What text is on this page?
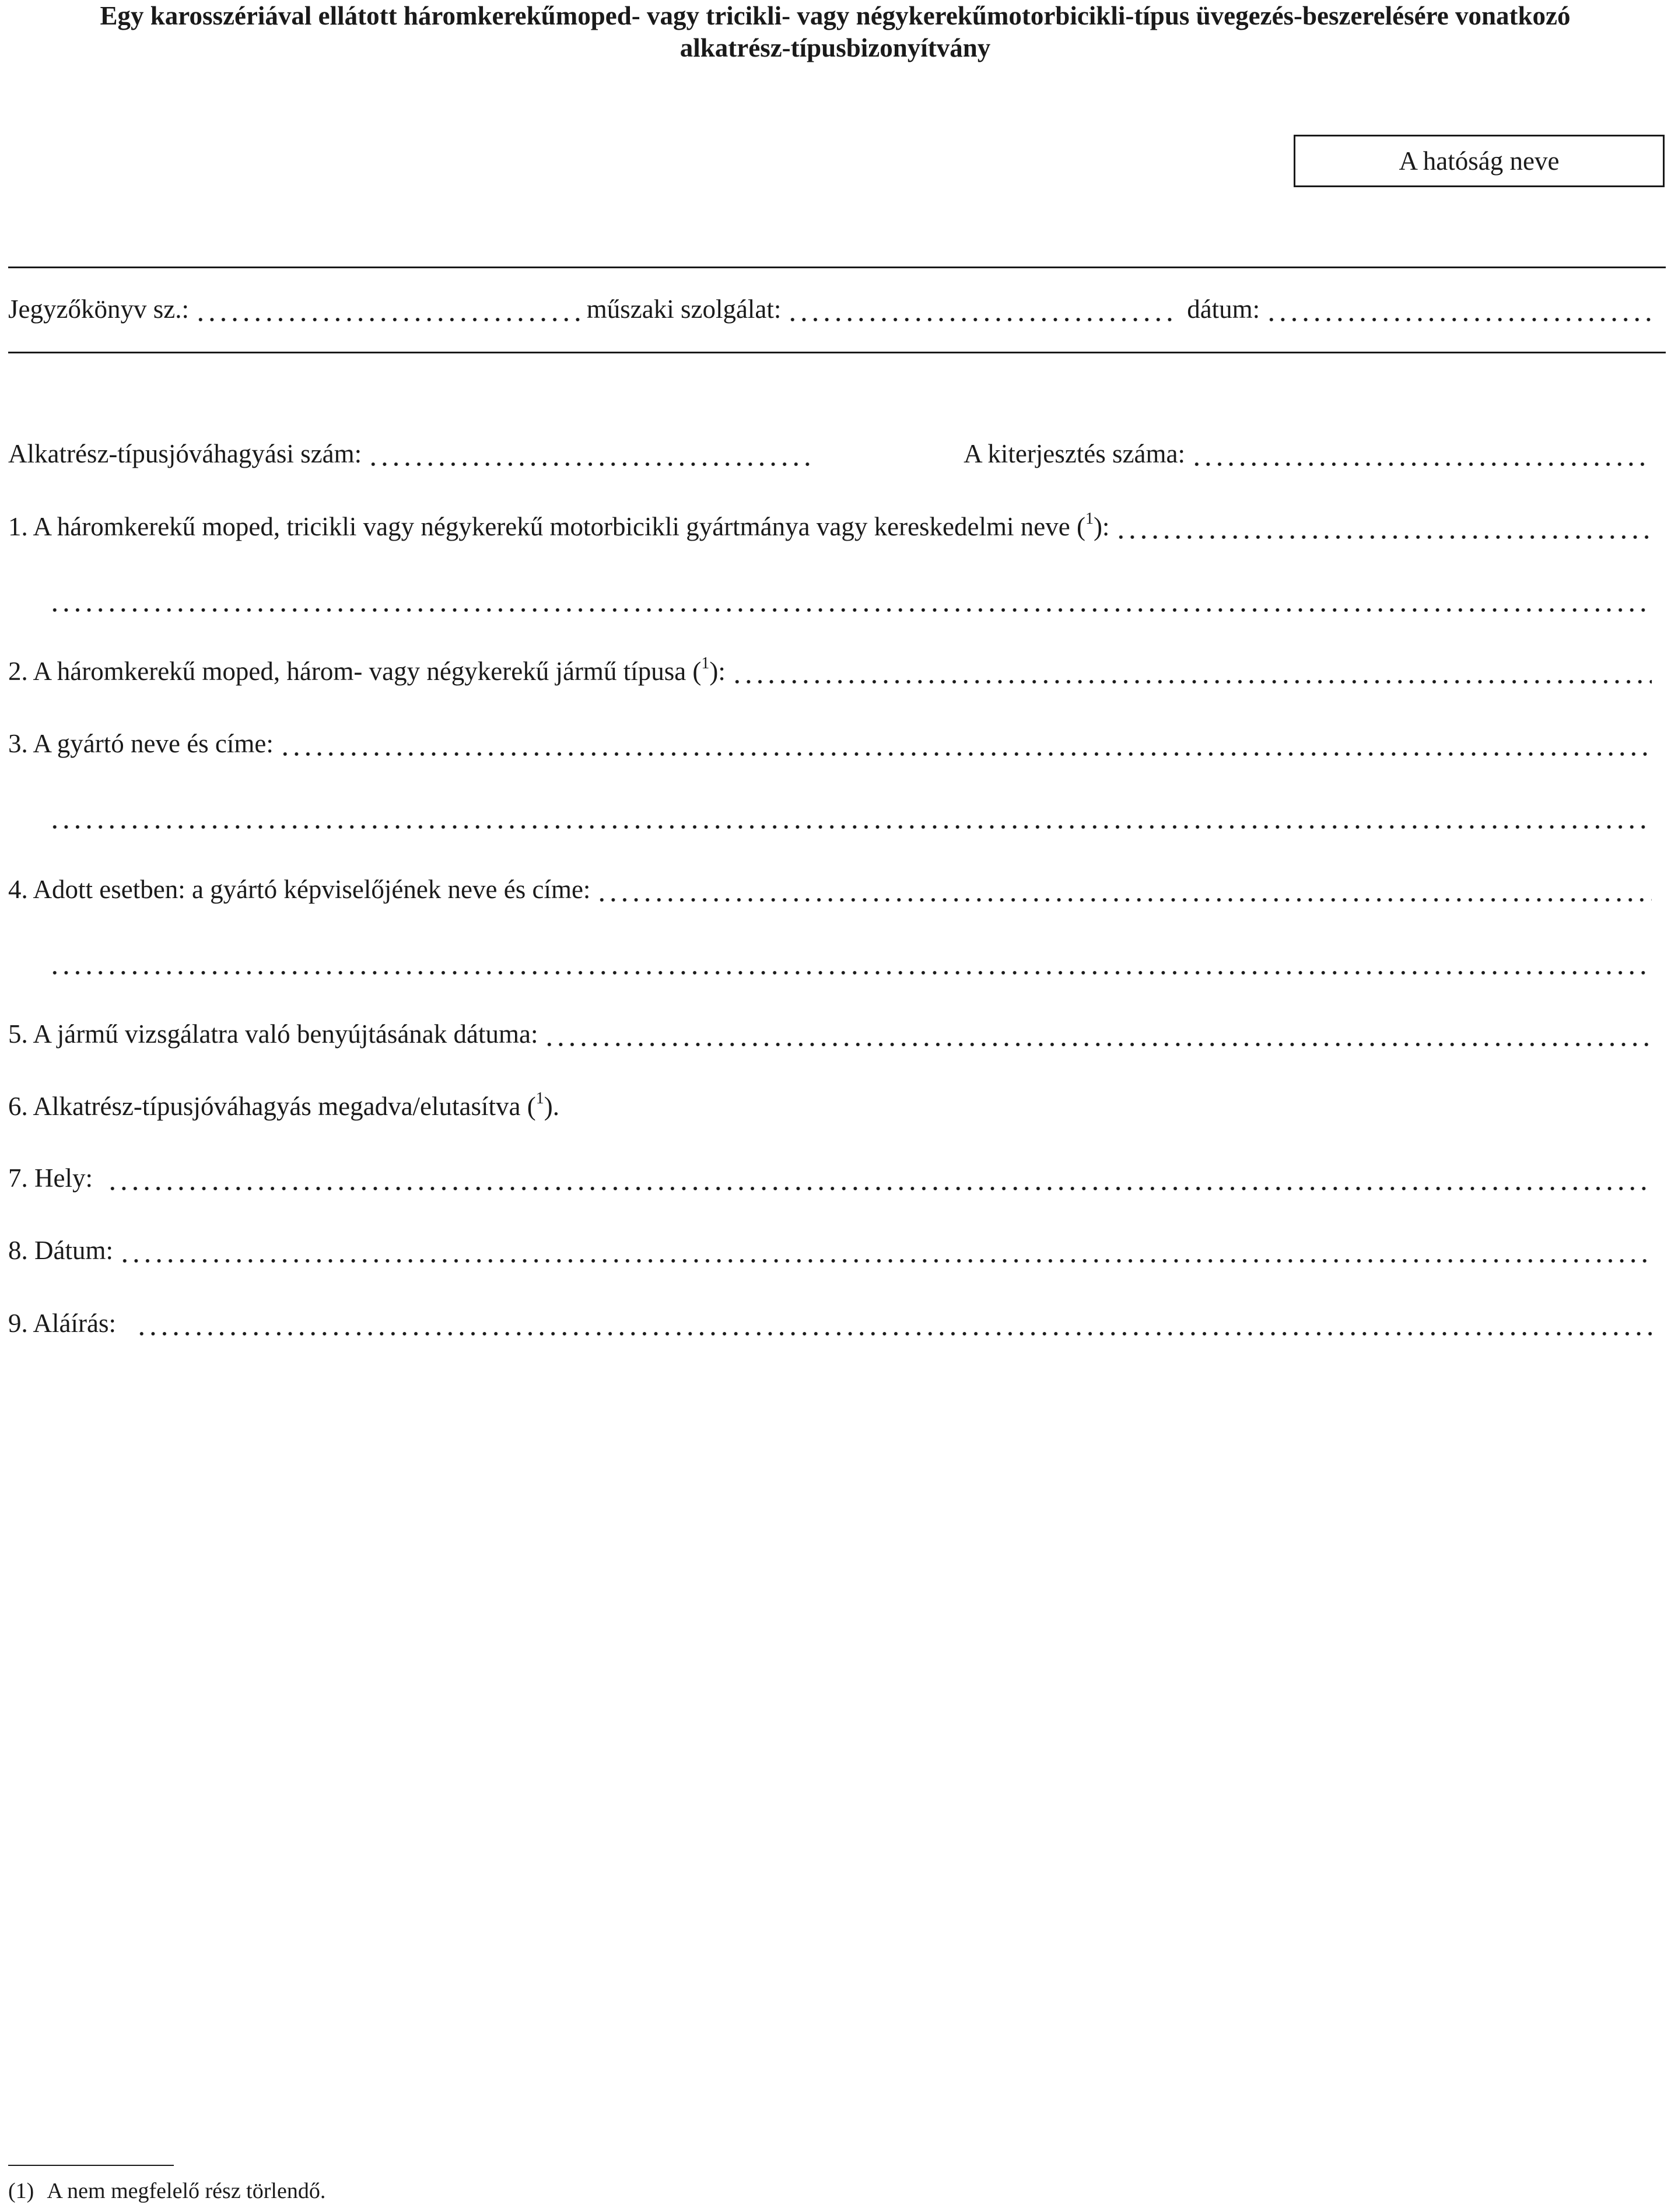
Egy karosszériával ellátott háromkerekűmoped- vagy tricikli- vagy négykerekűmotorbicikli-típus üvegezés-beszerelésére vonatkozó
alkatrész-típusbizonyítvány
A hatóság neve
Jegyzőkönyv sz.:	műszaki szolgálat:	dátum:
Alkatrész-típusjóváhagyási szám:	A kiterjesztés száma:
1. A háromkerekű moped, tricikli vagy négykerekű motorbicikli gyártmánya vagy kereskedelmi neve ($^1$):
2. A háromkerekű moped, három- vagy négykerekű jármű típusa ($^1$):
3. A gyártó neve és címe:
4. Adott esetben: a gyártó képviselőjének neve és címe:
5. A jármű vizsgálatra való benyújtásának dátuma:
6. Alkatrész-típusjóváhagyás megadva/elutasítva ($^1$).
7. Hely:
8. Dátum:
9. Aláírás:
(1) A nem megfelelő rész törlendő.
